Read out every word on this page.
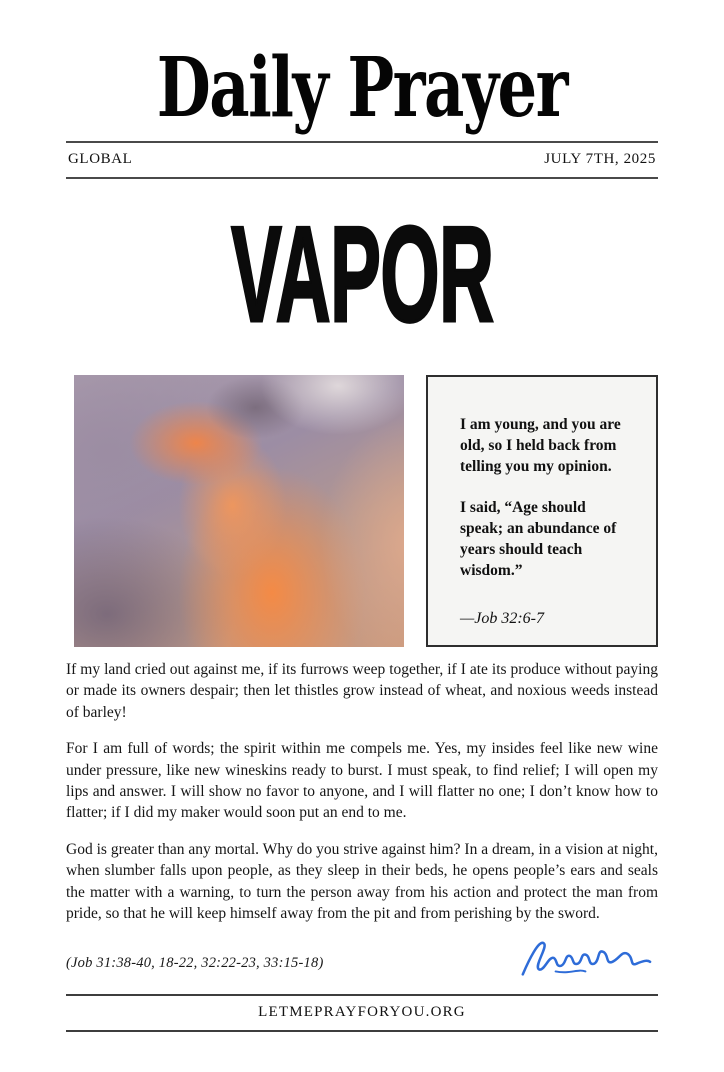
Daily Prayer
GLOBAL	JULY 7TH, 2025
VAPOR

I am young, and you are old, so I held back from telling you my opinion.

I said, “Age should speak; an abundance of years should teach wisdom.”

—Job 32:6-7

If my land cried out against me, if its furrows weep together, if I ate its produce without paying or made its owners despair; then let thistles grow instead of wheat, and noxious weeds instead of barley!

For I am full of words; the spirit within me compels me. Yes, my insides feel like new wine under pressure, like new wineskins ready to burst. I must speak, to find relief; I will open my lips and answer. I will show no favor to anyone, and I will flatter no one; I don’t know how to flatter; if I did my maker would soon put an end to me.

God is greater than any mortal. Why do you strive against him? In a dream, in a vision at night, when slumber falls upon people, as they sleep in their beds, he opens people’s ears and seals the matter with a warning, to turn the person away from his action and protect the man from pride, so that he will keep himself away from the pit and from perishing by the sword.

(Job 31:38-40, 18-22, 32:22-23, 33:15-18)
LETMEPRAYFORYOU.ORG
